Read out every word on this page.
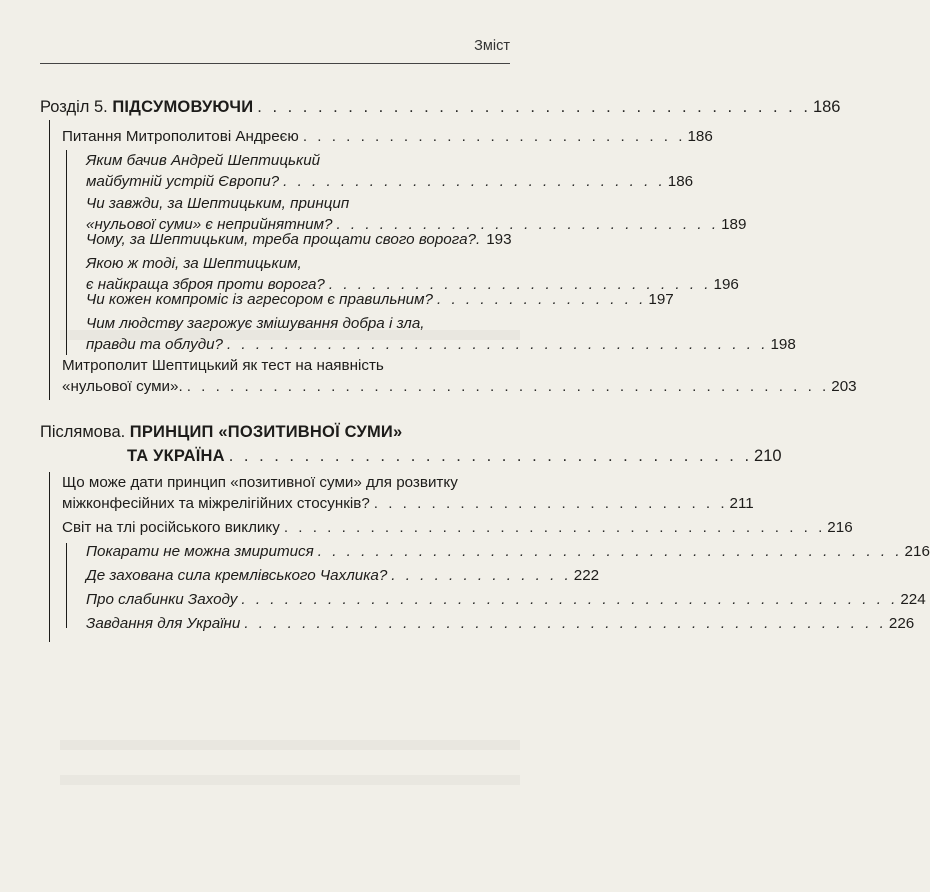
Зміст
Розділ 5. ПІДСУМОВУЮЧИ . . . . . . . . . . . . . . . . . . . . . . . . . . . . . . . . . . . . . 186
Питання Митрополитові Андреєю . . . . . . . . . . . . . . . . . . . . . . . . . . . 186
Яким бачив Андрей Шептицький
майбутній устрій Європи? . . . . . . . . . . . . . . . . . . . . . . . . . . . 186
Чи завжди, за Шептицьким, принцип
«нульової суми» є неприйнятним? . . . . . . . . . . . . . . . . . . . . . . . . . . . 189
Чому, за Шептицьким, треба прощати свого ворога?. 193
Якою ж тоді, за Шептицьким,
є найкраща зброя проти ворога? . . . . . . . . . . . . . . . . . . . . . . . . . . . 196
Чи кожен компроміс із агресором є правильним? . . . . . . . . . . . . . . . 197
Чим людству загрожує змішування добра і зла,
правди та облуди? . . . . . . . . . . . . . . . . . . . . . . . . . . . . . . . . . . . . . . 198
Митрополит Шептицький як тест на наявність
«нульової суми». . . . . . . . . . . . . . . . . . . . . . . . . . . . . . . . . . . . . . . . . . . . . . 203
Післямова. ПРИНЦИП «ПОЗИТИВНОЇ СУМИ»
ТА УКРАЇНА . . . . . . . . . . . . . . . . . . . . . . . . . . . . . . . . . . . 210
Що може дати принцип «позитивної суми» для розвитку
міжконфесійних та міжрелігійних стосунків? . . . . . . . . . . . . . . . . . . . . . . . . . 211
Світ на тлі російського виклику . . . . . . . . . . . . . . . . . . . . . . . . . . . . . . . . . . . . . . 216
Покарати не можна змиритися . . . . . . . . . . . . . . . . . . . . . . . . . . . . . . . . . . . . . . . . . 216
Де захована сила кремлівського Чахлика? . . . . . . . . . . . . . 222
Про слабинки Заходу . . . . . . . . . . . . . . . . . . . . . . . . . . . . . . . . . . . . . . . . . . . . . . 224
Завдання для України . . . . . . . . . . . . . . . . . . . . . . . . . . . . . . . . . . . . . . . . . . . . . 226
